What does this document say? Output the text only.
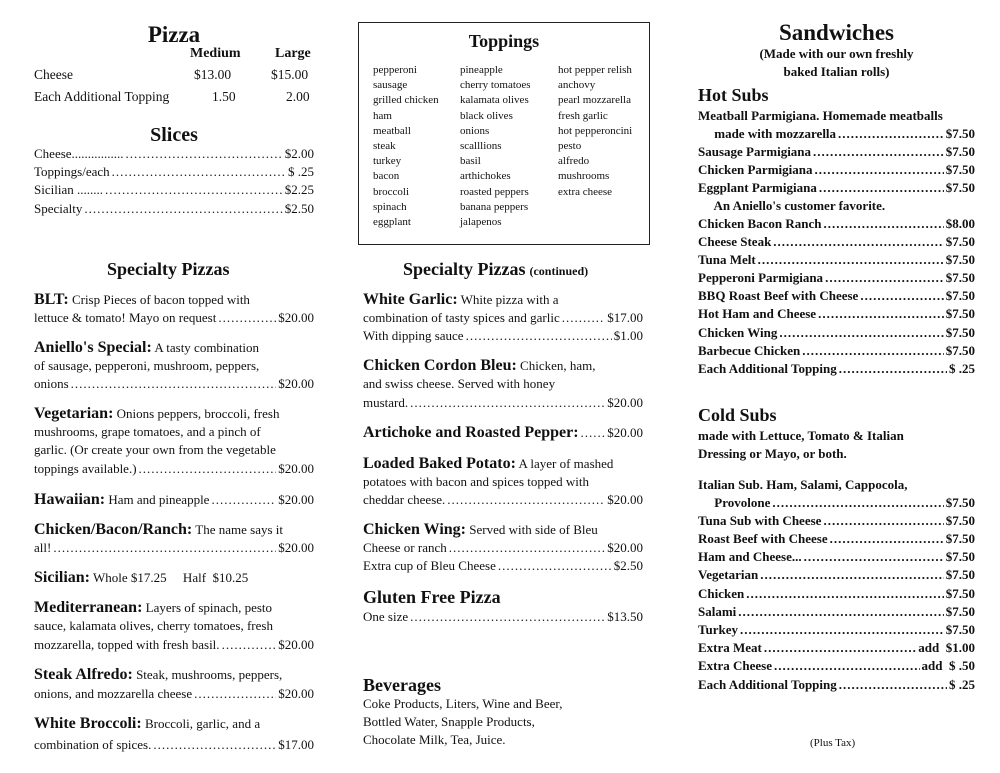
Pizza
Medium Large
Cheese	$13.00	$15.00
Each Additional Topping	1.50	2.00
Slices
Cheese................ .....	$2.00
Toppings/each .....	$ .25
Sicilian ........ .....	$2.25
Specialty .....	$2.50
Specialty Pizzas
BLT: Crisp Pieces of bacon topped with
lettuce & tomato! Mayo on request .....	$20.00
Aniello's Special: A tasty combination
of sausage, pepperoni, mushroom, peppers,
onions .....	$20.00
Vegetarian: Onions peppers, broccoli, fresh
mushrooms, grape tomatoes, and a pinch of
garlic. (Or create your own from the vegetable
toppings available.) .....	$20.00
Hawaiian: Ham and pineapple .....	$20.00
Chicken/Bacon/Ranch: The name says it
all! .....	$20.00
Sicilian: Whole $17.25     Half  $10.25
Mediterranean: Layers of spinach, pesto
sauce, kalamata olives, cherry tomatoes, fresh
mozzarella, topped with fresh basil. .....	$20.00
Steak Alfredo: Steak, mushrooms, peppers,
onions, and mozzarella cheese .....	$20.00
White Broccoli: Broccoli, garlic, and a
combination of spices. .....	$17.00
Toppings
pepperoni
sausage
grilled chicken
ham
meatball
steak
turkey
bacon
broccoli
spinach
eggplant
pineapple
cherry tomatoes
kalamata olives
black olives
onions
scalllions
basil
arthichokes
roasted peppers
banana peppers
jalapenos
hot pepper relish
anchovy
pearl mozzarella
fresh garlic
hot pepperoncini
pesto
alfredo
mushrooms
extra cheese
Specialty Pizzas (continued)
White Garlic: White pizza with a
combination of tasty spices and garlic .....	$17.00
With dipping sauce .....	$1.00
Chicken Cordon Bleu: Chicken, ham,
and swiss cheese. Served with honey
mustard. .....	$20.00
Artichoke and Roasted Pepper: ..... $20.00
Loaded Baked Potato: A layer of mashed
potatoes with bacon and spices topped with
cheddar cheese. .....	$20.00
Chicken Wing: Served with side of Bleu
Cheese or ranch .....	$20.00
Extra cup of Bleu Cheese .....	$2.50
Gluten Free Pizza
One size .....	$13.50
Beverages
Coke Products, Liters, Wine and Beer,
Bottled Water, Snapple Products,
Chocolate Milk, Tea, Juice.
Sandwiches
(Made with our own freshly
baked Italian rolls)
Hot Subs
Meatball Parmigiana. Homemade meatballs
made with mozzarella .....	$7.50
Sausage Parmigiana .....	$7.50
Chicken Parmigiana .....	$7.50
Eggplant Parmigiana .....	$7.50
An Aniello's customer favorite.
Chicken Bacon Ranch .....	$8.00
Cheese Steak .....	$7.50
Tuna Melt .....	$7.50
Pepperoni Parmigiana .....	$7.50
BBQ Roast Beef with Cheese .....	$7.50
Hot Ham and Cheese .....	$7.50
Chicken Wing .....	$7.50
Barbecue Chicken .....	$7.50
Each Additional Topping .....	$ .25
Cold Subs
made with Lettuce, Tomato & Italian
Dressing or Mayo, or both.
Italian Sub. Ham, Salami, Cappocola,
Provolone .....	$7.50
Tuna Sub with Cheese .....	$7.50
Roast Beef with Cheese .....	$7.50
Ham and Cheese... .....	$7.50
Vegetarian .....	$7.50
Chicken .....	$7.50
Salami .....	$7.50
Turkey .....	$7.50
Extra Meat .....	add  $1.00
Extra Cheese .....	add  $ .50
Each Additional Topping .....	$ .25
(Plus Tax)
